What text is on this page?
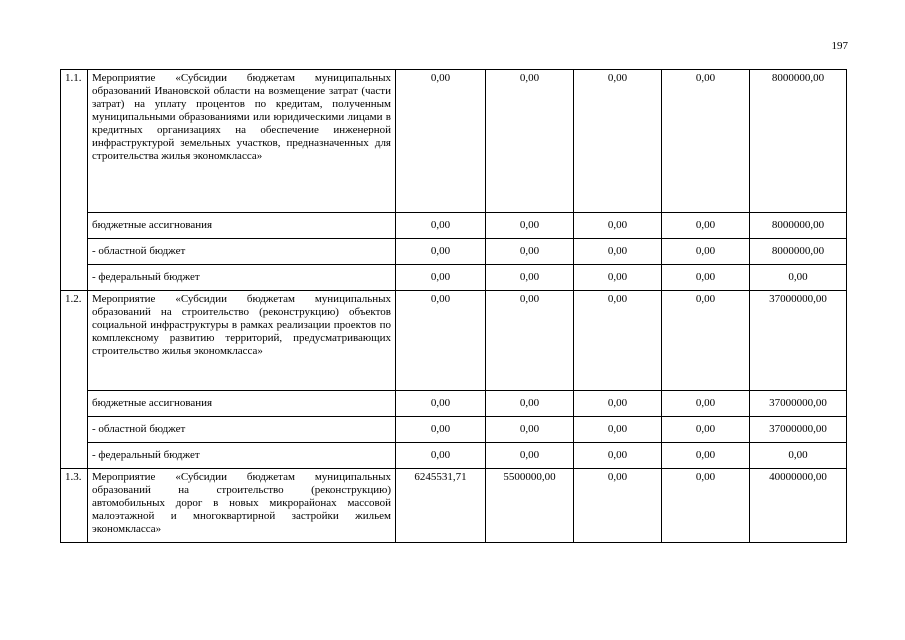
197
1.1.	Мероприятие «Субсидии бюджетам муниципальных образований Ивановской области на возмещение затрат (части затрат) на уплату процентов по кредитам, полученным муниципальными образованиями или юридическими лицами в кредитных организациях на обеспечение инженерной инфраструктурой земельных участков, предназначенных для строительства жилья экономкласса»	0,00	0,00	0,00	0,00	8000000,00
	бюджетные ассигнования	0,00	0,00	0,00	0,00	8000000,00
	- областной бюджет	0,00	0,00	0,00	0,00	8000000,00
	- федеральный бюджет	0,00	0,00	0,00	0,00	0,00
1.2.	Мероприятие «Субсидии бюджетам муниципальных образований на строительство (реконструкцию) объектов социальной инфраструктуры в рамках реализации проектов по комплексному развитию территорий, предусматривающих строительство жилья экономкласса»	0,00	0,00	0,00	0,00	37000000,00
	бюджетные ассигнования	0,00	0,00	0,00	0,00	37000000,00
	- областной бюджет	0,00	0,00	0,00	0,00	37000000,00
	- федеральный бюджет	0,00	0,00	0,00	0,00	0,00
1.3.	Мероприятие «Субсидии бюджетам муниципальных образований на строительство (реконструкцию) автомобильных дорог в новых микрорайонах массовой малоэтажной и многоквартирной застройки жильем экономкласса»	6245531,71	5500000,00	0,00	0,00	40000000,00
